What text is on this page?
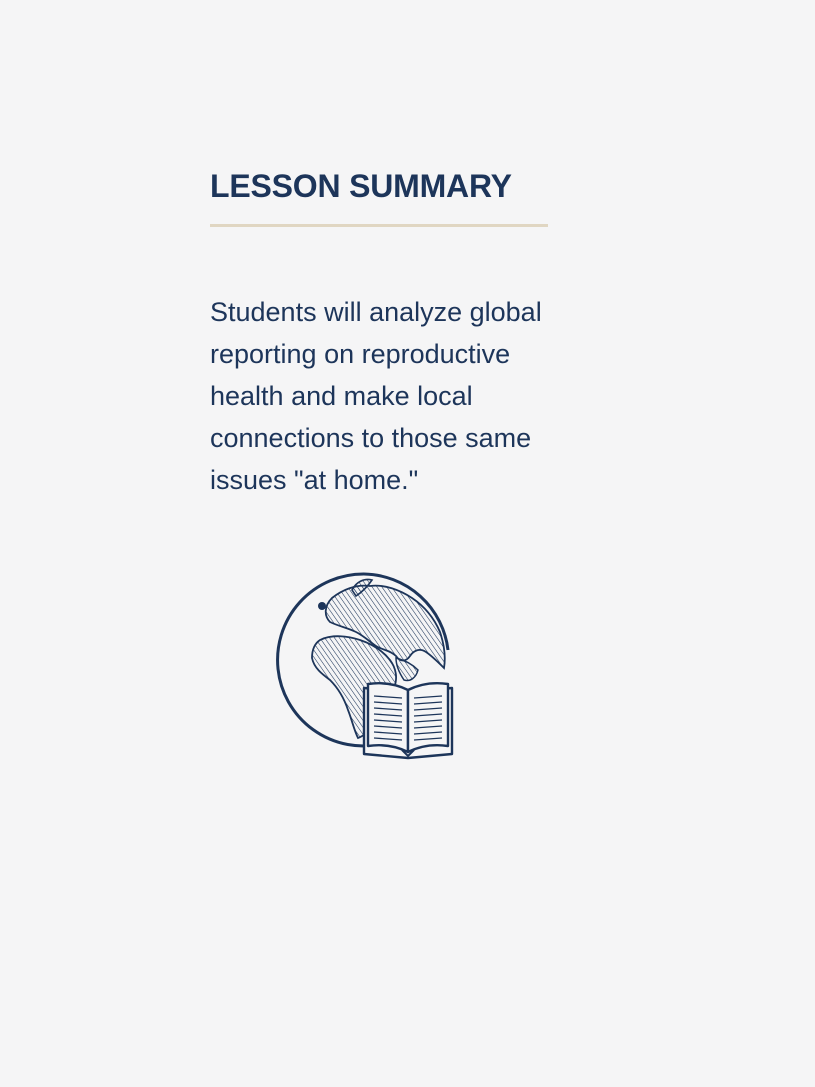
LESSON SUMMARY

Students will analyze global reporting on reproductive health and make local connections to those same issues "at home."
